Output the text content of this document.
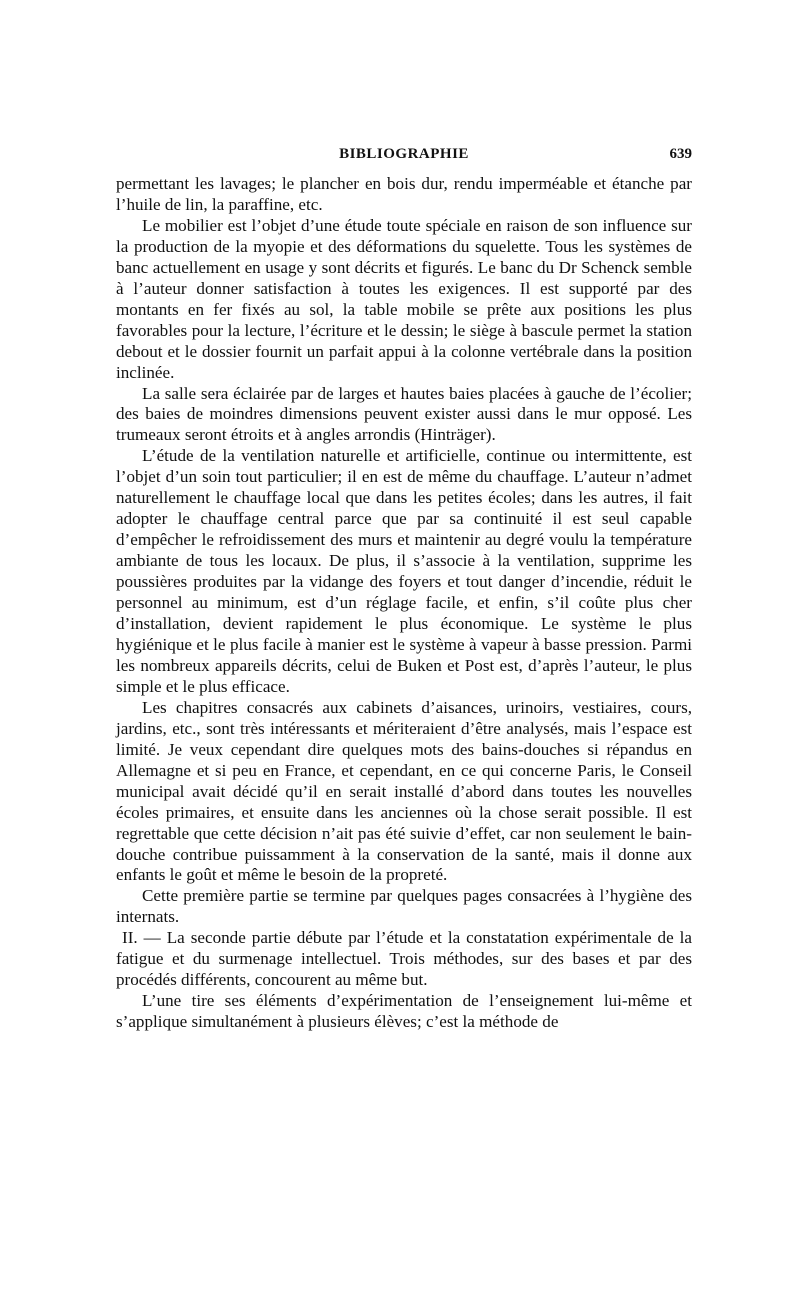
BIBLIOGRAPHIE	639

permettant les lavages; le plancher en bois dur, rendu imperméable et étanche par l’huile de lin, la paraffine, etc.

Le mobilier est l’objet d’une étude toute spéciale en raison de son influence sur la production de la myopie et des déformations du squelette. Tous les systèmes de banc actuellement en usage y sont décrits et figurés. Le banc du Dr Schenck semble à l’auteur donner satisfaction à toutes les exigences. Il est supporté par des montants en fer fixés au sol, la table mobile se prête aux positions les plus favorables pour la lecture, l’écriture et le dessin; le siège à bascule permet la station debout et le dossier fournit un parfait appui à la colonne vertébrale dans la position inclinée.

La salle sera éclairée par de larges et hautes baies placées à gauche de l’écolier; des baies de moindres dimensions peuvent exister aussi dans le mur opposé. Les trumeaux seront étroits et à angles arrondis (Hinträger).

L’étude de la ventilation naturelle et artificielle, continue ou intermittente, est l’objet d’un soin tout particulier; il en est de même du chauffage. L’auteur n’admet naturellement le chauffage local que dans les petites écoles; dans les autres, il fait adopter le chauffage central parce que par sa continuité il est seul capable d’empêcher le refroidissement des murs et maintenir au degré voulu la température ambiante de tous les locaux. De plus, il s’associe à la ventilation, supprime les poussières produites par la vidange des foyers et tout danger d’incendie, réduit le personnel au minimum, est d’un réglage facile, et enfin, s’il coûte plus cher d’installation, devient rapidement le plus économique. Le système le plus hygiénique et le plus facile à manier est le système à vapeur à basse pression. Parmi les nombreux appareils décrits, celui de Buken et Post est, d’après l’auteur, le plus simple et le plus efficace.

Les chapitres consacrés aux cabinets d’aisances, urinoirs, vestiaires, cours, jardins, etc., sont très intéressants et mériteraient d’être analysés, mais l’espace est limité. Je veux cependant dire quelques mots des bains-douches si répandus en Allemagne et si peu en France, et cependant, en ce qui concerne Paris, le Conseil municipal avait décidé qu’il en serait installé d’abord dans toutes les nouvelles écoles primaires, et ensuite dans les anciennes où la chose serait possible. Il est regrettable que cette décision n’ait pas été suivie d’effet, car non seulement le bain-douche contribue puissamment à la conservation de la santé, mais il donne aux enfants le goût et même le besoin de la propreté.

Cette première partie se termine par quelques pages consacrées à l’hygiène des internats.

II. — La seconde partie débute par l’étude et la constatation expérimentale de la fatigue et du surmenage intellectuel. Trois méthodes, sur des bases et par des procédés différents, concourent au même but.

L’une tire ses éléments d’expérimentation de l’enseignement lui-même et s’applique simultanément à plusieurs élèves; c’est la méthode de
